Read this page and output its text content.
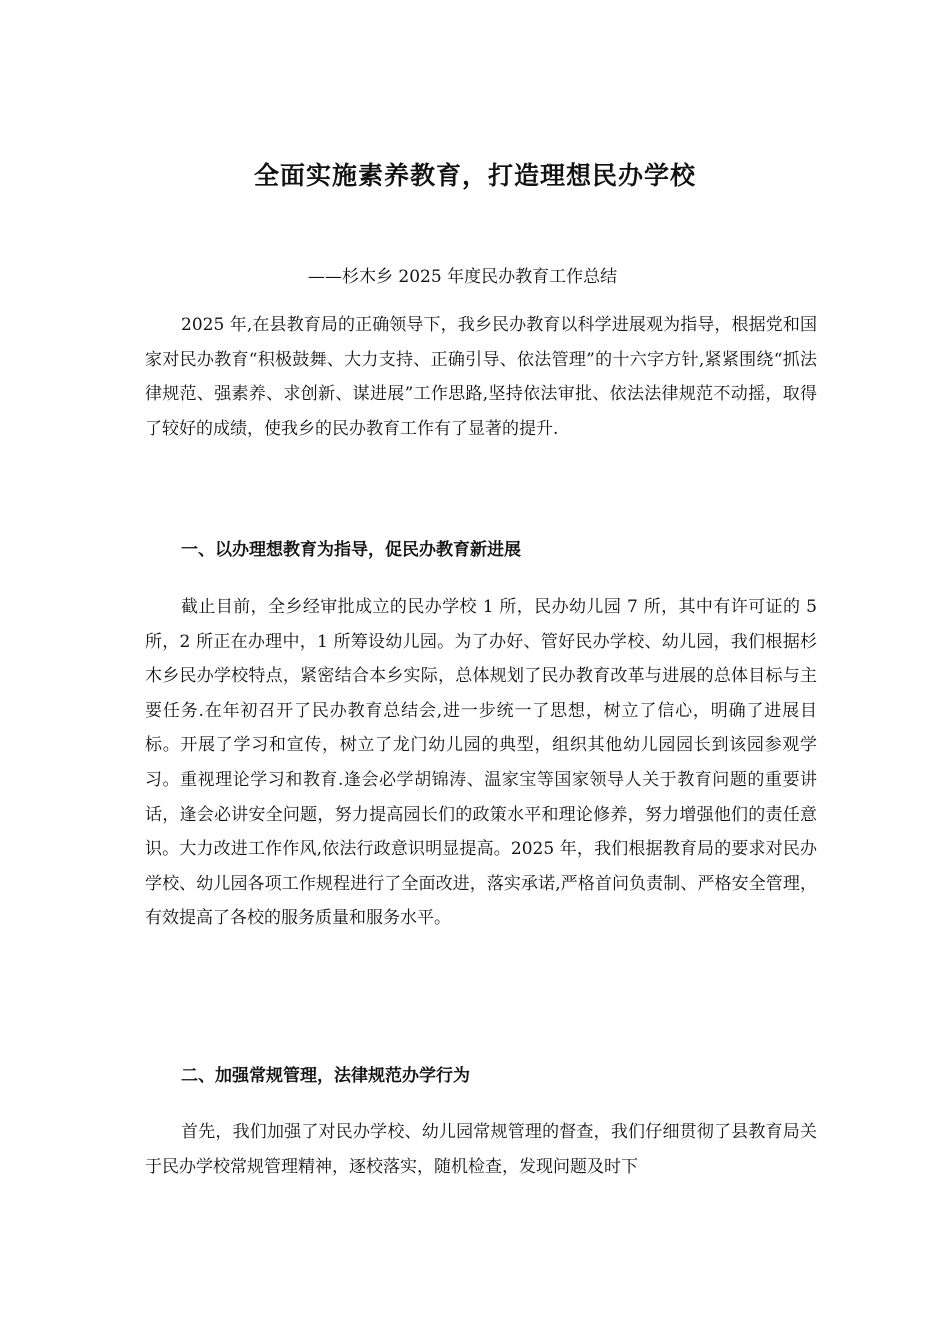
全面实施素养教育，打造理想民办学校
——杉木乡 2025 年度民办教育工作总结

2025 年,在县教育局的正确领导下，我乡民办教育以科学进展观为指导，根据党和国家对民办教育“积极鼓舞、大力支持、正确引导、依法管理”的十六字方针,紧紧围绕“抓法律规范、强素养、求创新、谋进展”工作思路,坚持依法审批、依法法律规范不动摇，取得了较好的成绩，使我乡的民办教育工作有了显著的提升.

一、以办理想教育为指导，促民办教育新进展

截止目前，全乡经审批成立的民办学校 1 所，民办幼儿园 7 所，其中有许可证的 5 所，2 所正在办理中，1 所筹设幼儿园。为了办好、管好民办学校、幼儿园，我们根据杉木乡民办学校特点，紧密结合本乡实际，总体规划了民办教育改革与进展的总体目标与主要任务.在年初召开了民办教育总结会,进一步统一了思想，树立了信心，明确了进展目标。开展了学习和宣传，树立了龙门幼儿园的典型，组织其他幼儿园园长到该园参观学习。重视理论学习和教育.逢会必学胡锦涛、温家宝等国家领导人关于教育问题的重要讲话，逢会必讲安全问题，努力提高园长们的政策水平和理论修养，努力增强他们的责任意识。大力改进工作作风,依法行政意识明显提高。2025 年，我们根据教育局的要求对民办学校、幼儿园各项工作规程进行了全面改进，落实承诺,严格首问负责制、严格安全管理，有效提高了各校的服务质量和服务水平。

二、加强常规管理，法律规范办学行为

首先，我们加强了对民办学校、幼儿园常规管理的督查，我们仔细贯彻了县教育局关于民办学校常规管理精神，逐校落实，随机检查，发现问题及时下
